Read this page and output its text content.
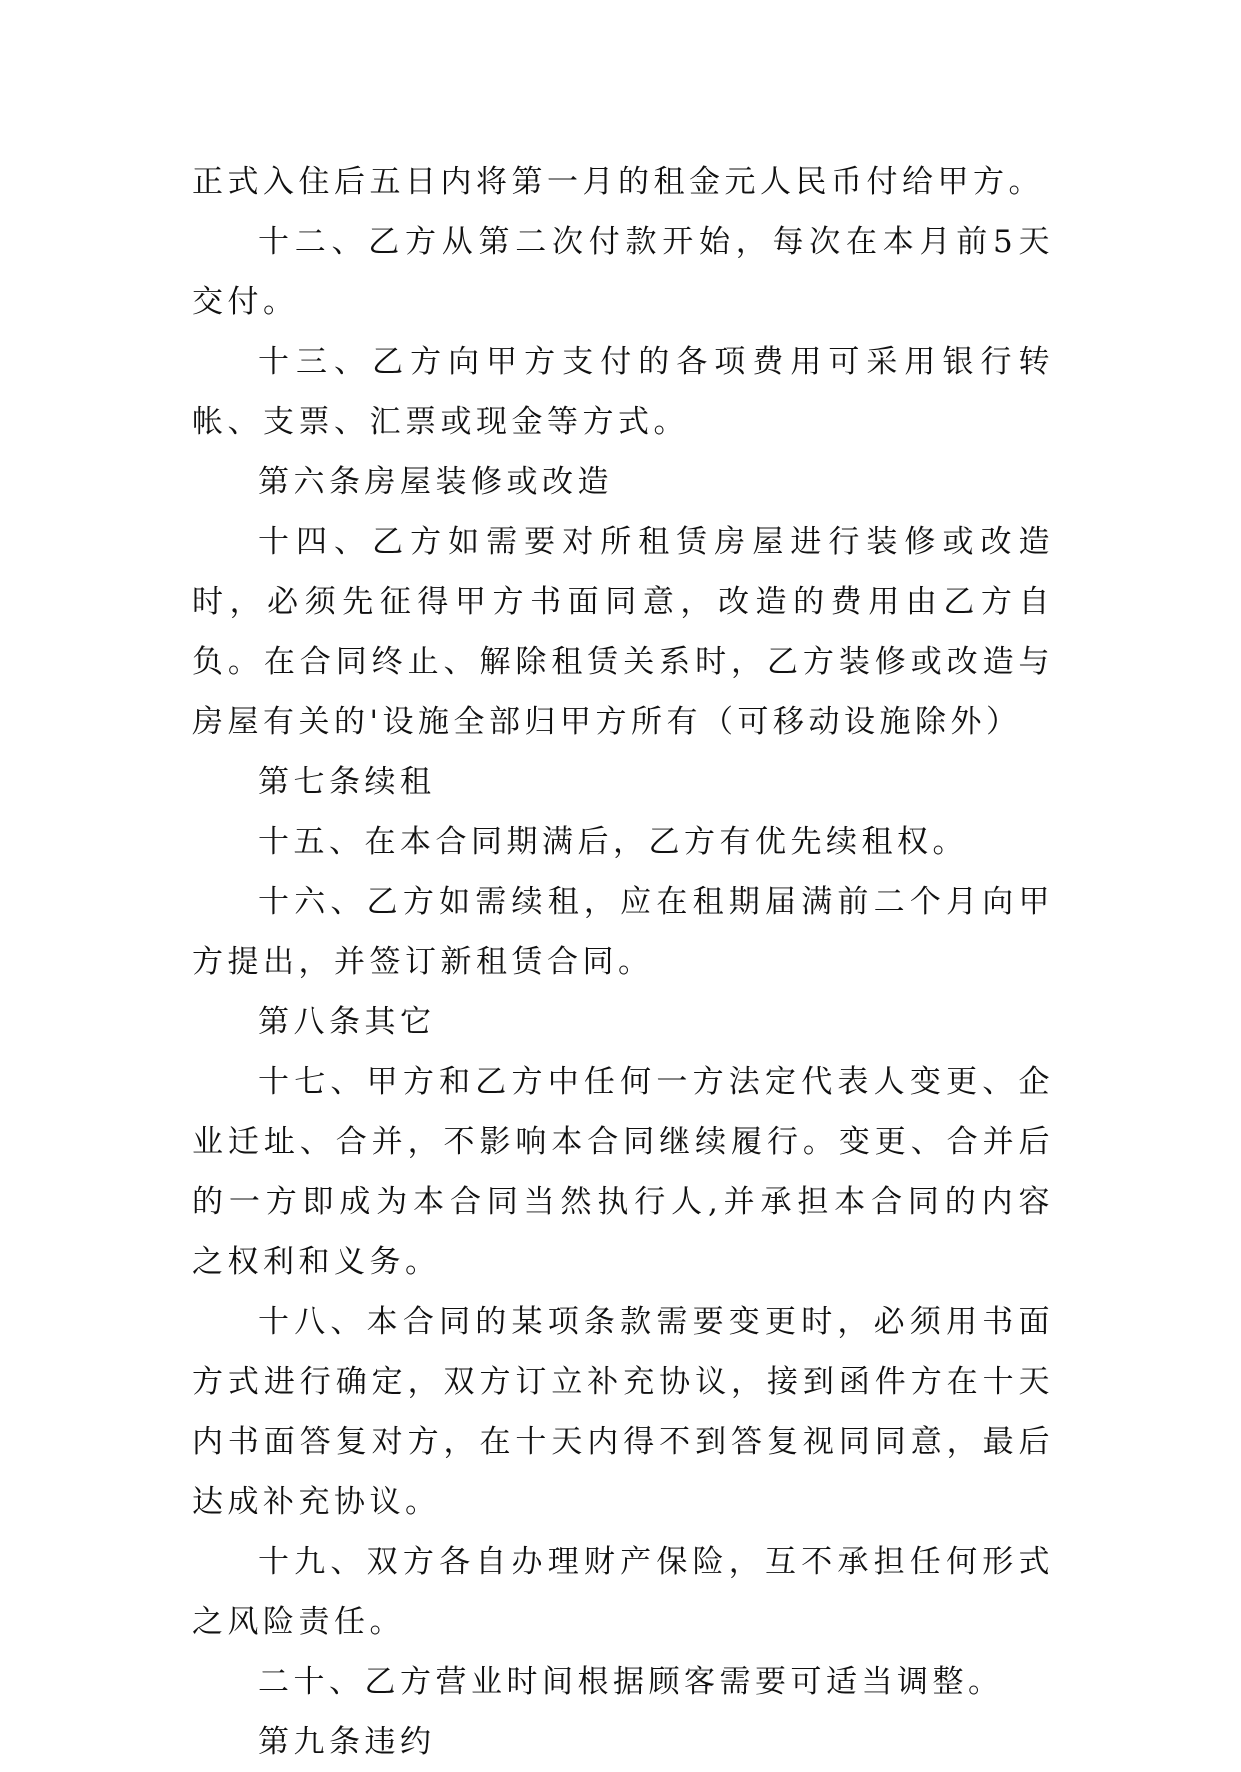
正式入住后五日内将第一月的租金元人民币付给甲方。

十二、乙方从第二次付款开始，每次在本月前5天交付。

十三、乙方向甲方支付的各项费用可采用银行转帐、支票、汇票或现金等方式。

第六条房屋装修或改造

十四、乙方如需要对所租赁房屋进行装修或改造时，必须先征得甲方书面同意，改造的费用由乙方自负。在合同终止、解除租赁关系时，乙方装修或改造与房屋有关的'设施全部归甲方所有（可移动设施除外）

第七条续租

十五、在本合同期满后，乙方有优先续租权。

十六、乙方如需续租，应在租期届满前二个月向甲方提出，并签订新租赁合同。

第八条其它

十七、甲方和乙方中任何一方法定代表人变更、企业迁址、合并，不影响本合同继续履行。变更、合并后的一方即成为本合同当然执行人,并承担本合同的内容之权利和义务。

十八、本合同的某项条款需要变更时，必须用书面方式进行确定，双方订立补充协议，接到函件方在十天内书面答复对方，在十天内得不到答复视同同意，最后达成补充协议。

十九、双方各自办理财产保险，互不承担任何形式之风险责任。

二十、乙方营业时间根据顾客需要可适当调整。

第九条违约
